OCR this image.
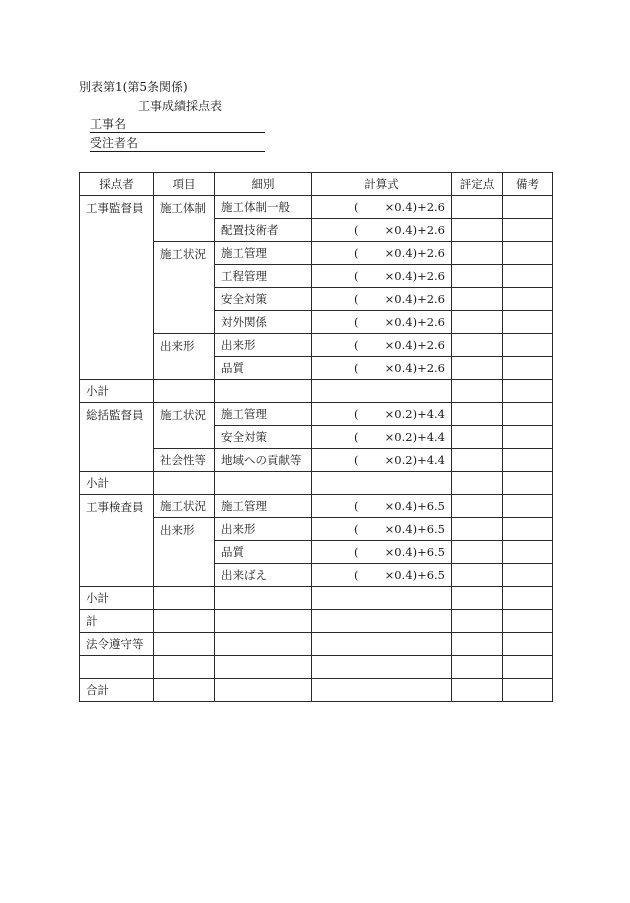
別表第1(第5条関係)
工事成績採点表
工事名
受注者名
採点者	項目	細別	計算式	評定点	備考
工事監督員	施工体制	施工体制一般	( ×0.4)+2.6		

		配置技術者	( ×0.4)+2.6		

	施工状況	施工管理	( ×0.4)+2.6		

		工程管理	( ×0.4)+2.6		

		安全対策	( ×0.4)+2.6		

		対外関係	( ×0.4)+2.6		

	出来形	出来形	( ×0.4)+2.6		

		品質	( ×0.4)+2.6		

小計					
総括監督員	施工状況	施工管理	( ×0.2)+4.4		

		安全対策	( ×0.2)+4.4		

	社会性等	地域への貢献等	( ×0.2)+4.4		

小計					
工事検査員	施工状況	施工管理	( ×0.4)+6.5		

	出来形	出来形	( ×0.4)+6.5		

		品質	( ×0.4)+6.5		

		出来ばえ	( ×0.4)+6.5		

小計					
計					
法令遵守等					

合計					
